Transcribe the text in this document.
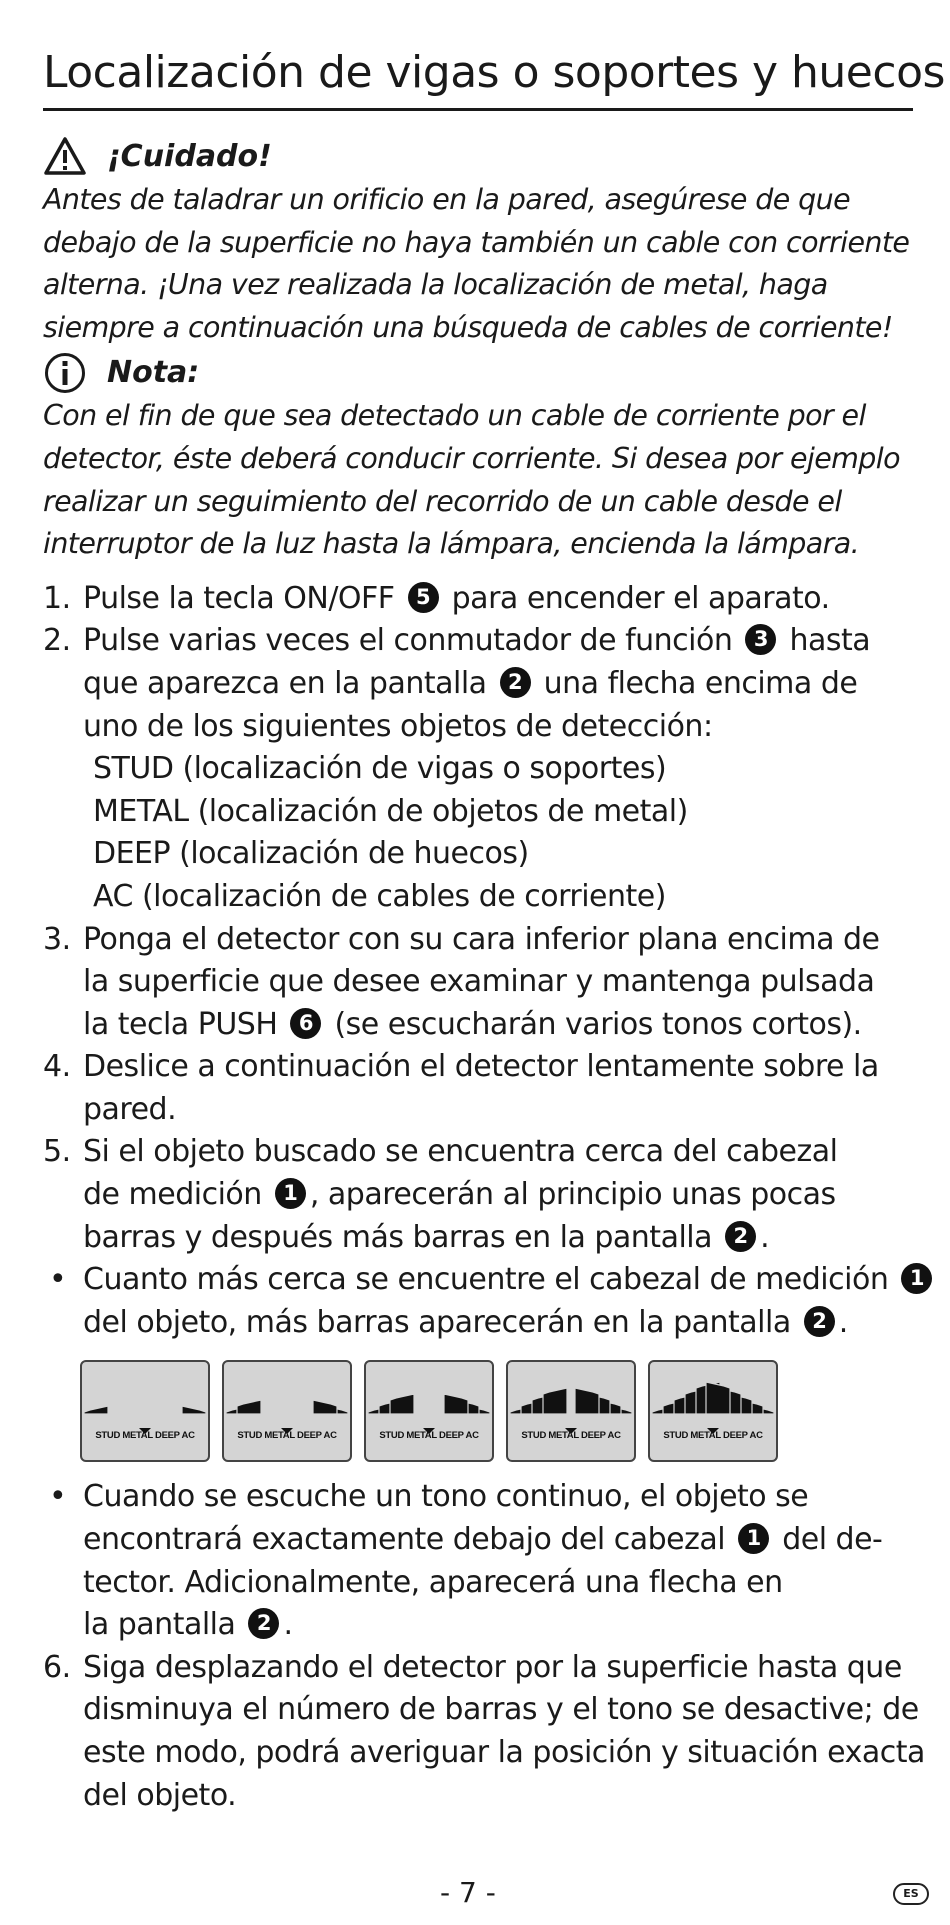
Localización de vigas o soportes y huecos
¡Cuidado!

Antes de taladrar un orificio en la pared, asegúrese de que
debajo de la superficie no haya también un cable con corriente
alterna. ¡Una vez realizada la localización de metal, haga
siempre a continuación una búsqueda de cables de corriente!

Nota:

Con el fin de que sea detectado un cable de corriente por el
detector, éste deberá conducir corriente. Si desea por ejemplo
realizar un seguimiento del recorrido de un cable desde el
interruptor de la luz hasta la lámpara, encienda la lámpara.

1. Pulse la tecla ON/OFF 5 para encender el aparato.
2. Pulse varias veces el conmutador de función 3 hasta
que aparezca en la pantalla 2 una flecha encima de
uno de los siguientes objetos de detección:
STUD (localización de vigas o soportes)
METAL (localización de objetos de metal)
DEEP (localización de huecos)
AC (localización de cables de corriente)
3. Ponga el detector con su cara inferior plana encima de
la superficie que desee examinar y mantenga pulsada
la tecla PUSH 6 (se escucharán varios tonos cortos).
4. Deslice a continuación el detector lentamente sobre la
pared.
5. Si el objeto buscado se encuentra cerca del cabezal
de medición 1 , aparecerán al principio unas pocas
barras y después más barras en la pantalla 2 .
• Cuanto más cerca se encuentre el cabezal de medición 1
del objeto, más barras aparecerán en la pantalla 2 .
STUD METAL DEEP AC	STUD METAL DEEP AC	STUD METAL DEEP AC	STUD METAL DEEP AC	STUD METAL DEEP AC
• Cuando se escuche un tono continuo, el objeto se
encontrará exactamente debajo del cabezal 1 del de-
tector. Adicionalmente, aparecerá una flecha en
la pantalla 2 .
6. Siga desplazando el detector por la superficie hasta que
disminuya el número de barras y el tono se desactive; de
este modo, podrá averiguar la posición y situación exacta
del objeto.
- 7 -	ES
